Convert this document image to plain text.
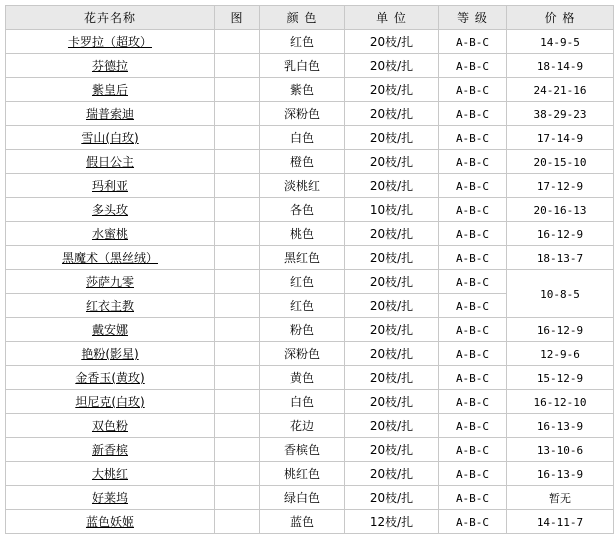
花卉名称	图	颜 色	单 位	等 级	价 格
卡罗拉（超玫）		红色	20枝/扎	A-B-C	14-9-5
芬德拉		乳白色	20枝/扎	A-B-C	18-14-9
紫皇后		紫色	20枝/扎	A-B-C	24-21-16
瑞普索迪		深粉色	20枝/扎	A-B-C	38-29-23
雪山(白玫)		白色	20枝/扎	A-B-C	17-14-9
假日公主		橙色	20枝/扎	A-B-C	20-15-10
玛利亚		淡桃红	20枝/扎	A-B-C	17-12-9
多头玫		各色	10枝/扎	A-B-C	20-16-13
水蜜桃		桃色	20枝/扎	A-B-C	16-12-9
黑魔术（黑丝绒）		黑红色	20枝/扎	A-B-C	18-13-7
莎萨九零		红色	20枝/扎	A-B-C	10-8-5
红衣主教		红色	20枝/扎	A-B-C	
戴安娜		粉色	20枝/扎	A-B-C	16-12-9
艳粉(影星)		深粉色	20枝/扎	A-B-C	12-9-6
金香玉(黄玫)		黄色	20枝/扎	A-B-C	15-12-9
坦尼克(白玫)		白色	20枝/扎	A-B-C	16-12-10
双色粉		花边	20枝/扎	A-B-C	16-13-9
新香槟		香槟色	20枝/扎	A-B-C	13-10-6
大桃红		桃红色	20枝/扎	A-B-C	16-13-9
好莱坞		绿白色	20枝/扎	A-B-C	暂无
蓝色妖姬		蓝色	12枝/扎	A-B-C	14-11-7
